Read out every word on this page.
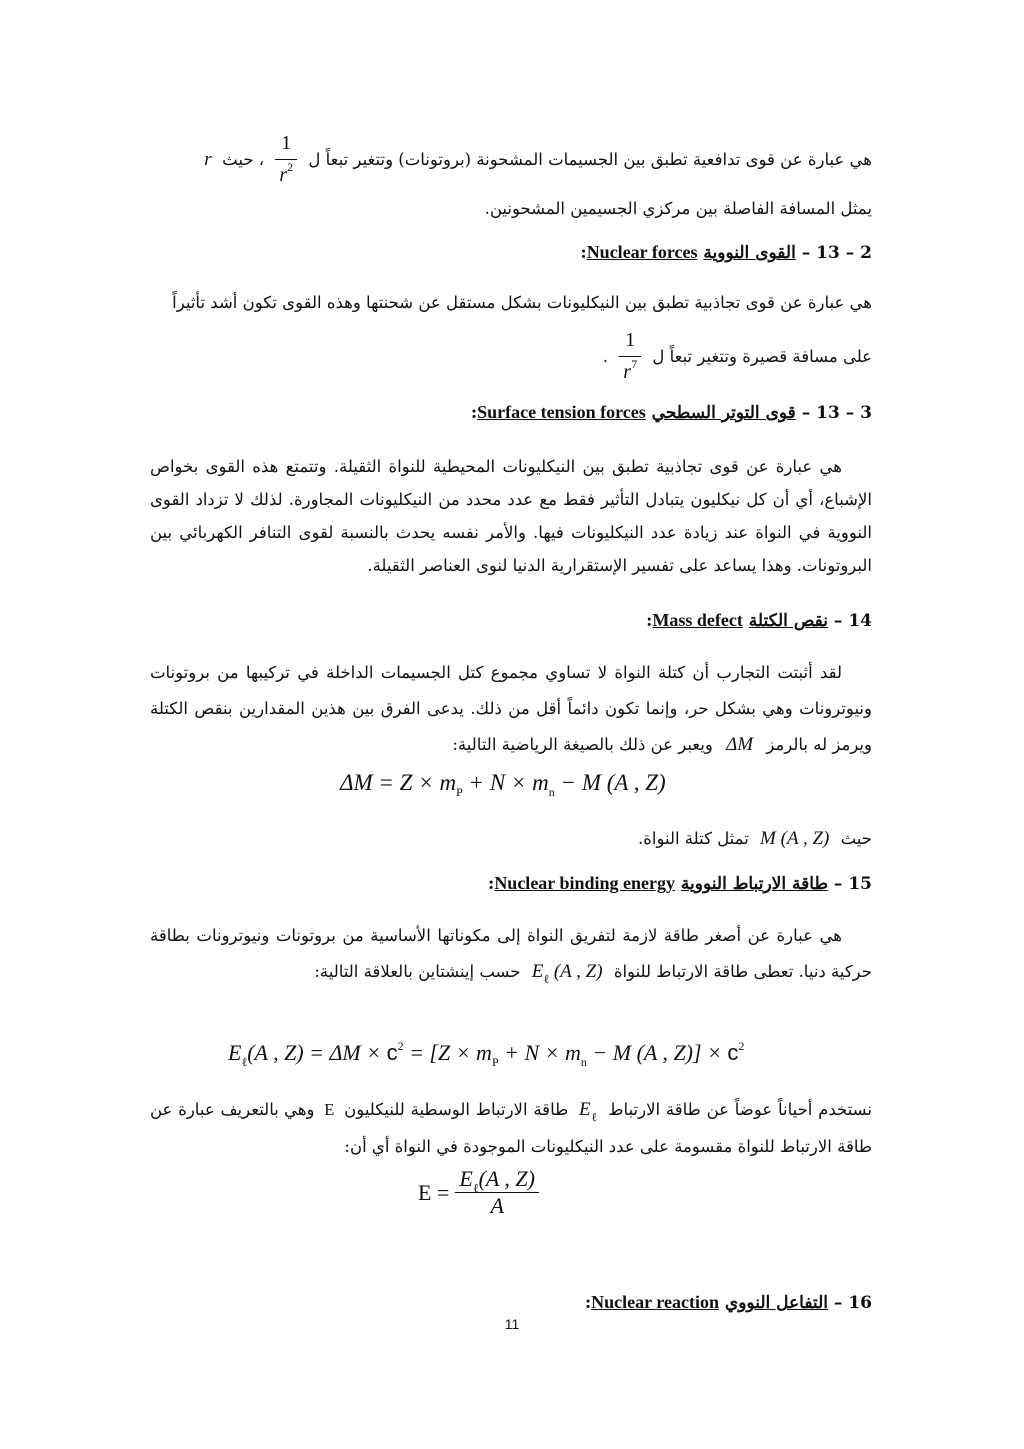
هي عبارة عن قوى تدافعية تطبق بين الجسيمات المشحونة (بروتونات) وتتغير تبعاً ل
$\frac{1}{r^2}$
، حيث  r
يمثل المسافة الفاصلة بين مركزي الجسيمين المشحونين.
2 – 13 – القوى النووية Nuclear forces:
هي عبارة عن قوى تجاذبية تطبق بين النيكليونات بشكل مستقل عن شحنتها وهذه القوى تكون أشد تأثيراً
على مسافة قصيرة وتتغير تبعاً ل
$\frac{1}{r^7}$
.
3 – 13 – قوى التوتر السطحي Surface tension forces:
هي عبارة عن قوى تجاذبية تطبق بين النيكليونات المحيطية للنواة الثقيلة. وتتمتع هذه القوى بخواص الإشباع، أي أن كل نيكليون يتبادل التأثير فقط مع عدد محدد من النيكليونات المجاورة. لذلك لا تزداد القوى النووية في النواة عند زيادة عدد النيكليونات فيها. والأمر نفسه يحدث بالنسبة لقوى التنافر الكهربائي بين البروتونات. وهذا يساعد على تفسير الإستقرارية الدنيا لنوى العناصر الثقيلة.
14 – نقص الكتلة Mass defect:
لقد أثبتت التجارب أن كتلة النواة لا تساوي مجموع كتل الجسيمات الداخلة في تركيبها من بروتونات ونيوترونات وهي بشكل حر، وإنما تكون دائماً أقل من ذلك. يدعى الفرق بين هذين المقدارين بنقص الكتلة ويرمز له بالرمز ΔM ويعبر عن ذلك بالصيغة الرياضية التالية:
$\Delta M = Z \times m_P + N \times m_n - M$ (A , Z)
حيث M (A , Z) تمثل كتلة النواة.
15 – طاقة الارتباط النووية Nuclear binding energy:
هي عبارة عن أصغر طاقة لازمة لتفريق النواة إلى مكوناتها الأساسية من بروتونات ونيوترونات بطاقة حركية دنيا. تعطى طاقة الارتباط للنواة $E_\ell$ (A , Z) حسب إينشتاين بالعلاقة التالية:
$E_\ell(A$ , $Z) = \Delta M \times c^2 = [Z \times m_P + N \times m_n - M$ (A , $Z)] \times c^2$
نستخدم أحياناً عوضاً عن طاقة الارتباط $E_\ell$ طاقة الارتباط الوسطية للنيكليون E وهي بالتعريف عبارة عن طاقة الارتباط للنواة مقسومة على عدد النيكليونات الموجودة في النواة أي أن:
$E = \frac{E_\ell(A , Z)}{A}$
16 – التفاعل النووي Nuclear reaction:
11
